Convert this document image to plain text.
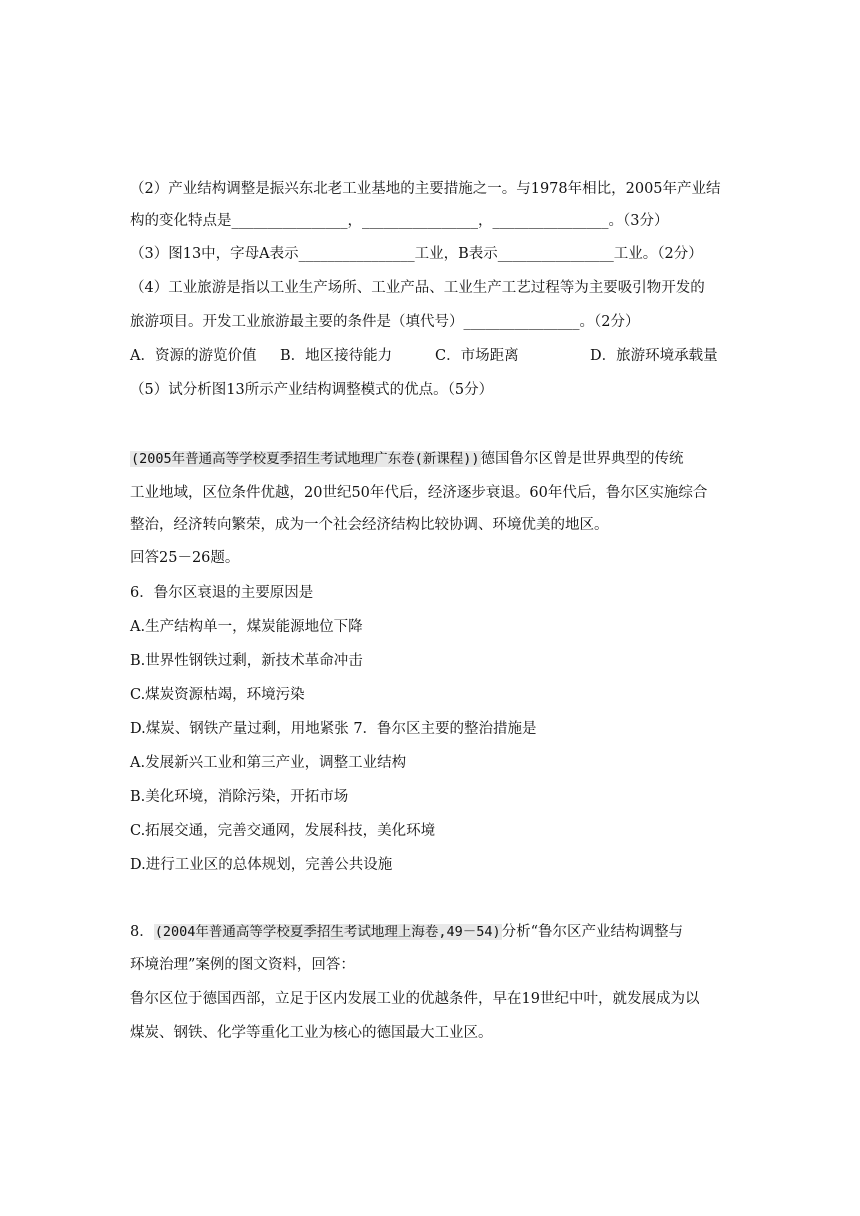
（2）产业结构调整是振兴东北老工业基地的主要措施之一。与1978年相比，2005年产业结
构的变化特点是________________，________________，________________。（3分）
（3）图13中，字母A表示________________工业，B表示________________工业。（2分）
（4）工业旅游是指以工业生产场所、工业产品、工业生产工艺过程等为主要吸引物开发的
旅游项目。开发工业旅游最主要的条件是（填代号）________________。（2分）
A．资源的游览价值 B．地区接待能力	C．市场距离	D．旅游环境承载量
（5）试分析图13所示产业结构调整模式的优点。（5分）
(2005年普通高等学校夏季招生考试地理广东卷(新课程))德国鲁尔区曾是世界典型的传统
工业地域，区位条件优越，20世纪50年代后，经济逐步衰退。60年代后，鲁尔区实施综合
整治，经济转向繁荣，成为一个社会经济结构比较协调、环境优美的地区。
回答25－26题。
6．鲁尔区衰退的主要原因是
A.生产结构单一，煤炭能源地位下降
B.世界性钢铁过剩，新技术革命冲击
C.煤炭资源枯竭，环境污染
D.煤炭、钢铁产量过剩，用地紧张 7．鲁尔区主要的整治措施是
A.发展新兴工业和第三产业，调整工业结构
B.美化环境，消除污染，开拓市场
C.拓展交通，完善交通网，发展科技，美化环境
D.进行工业区的总体规划，完善公共设施
8．(2004年普通高等学校夏季招生考试地理上海卷,49－54)分析“鲁尔区产业结构调整与
环境治理”案例的图文资料，回答：
鲁尔区位于德国西部，立足于区内发展工业的优越条件，早在19世纪中叶，就发展成为以
煤炭、钢铁、化学等重化工业为核心的德国最大工业区。
